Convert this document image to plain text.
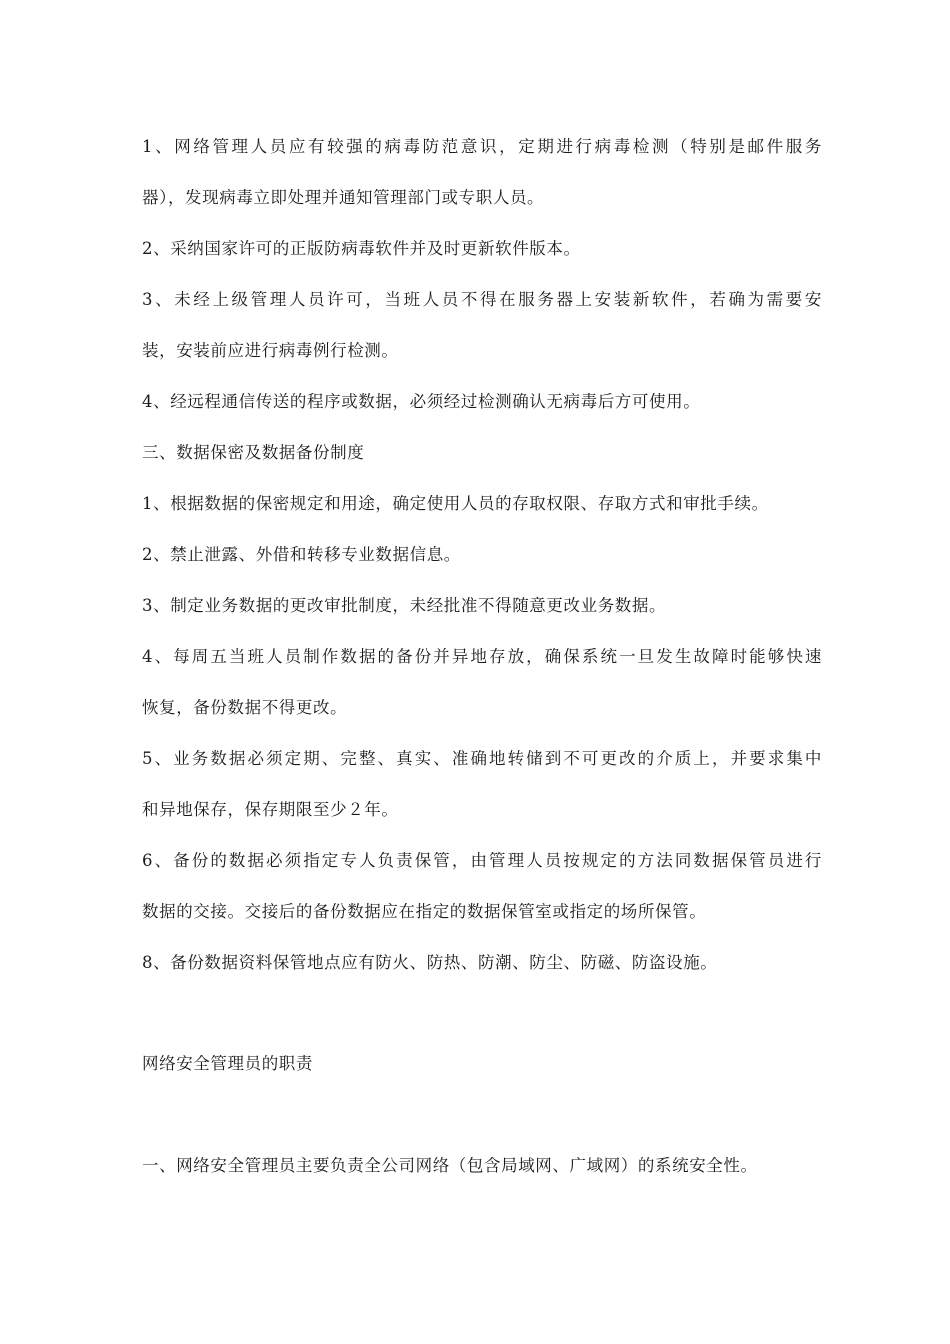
1、网络管理人员应有较强的病毒防范意识，定期进行病毒检测（特别是邮件服务
器），发现病毒立即处理并通知管理部门或专职人员。
2、采纳国家许可的正版防病毒软件并及时更新软件版本。
3、未经上级管理人员许可，当班人员不得在服务器上安装新软件，若确为需要安
装，安装前应进行病毒例行检测。
4、经远程通信传送的程序或数据，必须经过检测确认无病毒后方可使用。
三、数据保密及数据备份制度
1、根据数据的保密规定和用途，确定使用人员的存取权限、存取方式和审批手续。
2、禁止泄露、外借和转移专业数据信息。
3、制定业务数据的更改审批制度，未经批准不得随意更改业务数据。
4、每周五当班人员制作数据的备份并异地存放，确保系统一旦发生故障时能够快速
恢复，备份数据不得更改。
5、业务数据必须定期、完整、真实、准确地转储到不可更改的介质上，并要求集中
和异地保存，保存期限至少２年。
6、备份的数据必须指定专人负责保管，由管理人员按规定的方法同数据保管员进行
数据的交接。交接后的备份数据应在指定的数据保管室或指定的场所保管。
8、备份数据资料保管地点应有防火、防热、防潮、防尘、防磁、防盗设施。
网络安全管理员的职责
一、网络安全管理员主要负责全公司网络（包含局域网、广域网）的系统安全性。
